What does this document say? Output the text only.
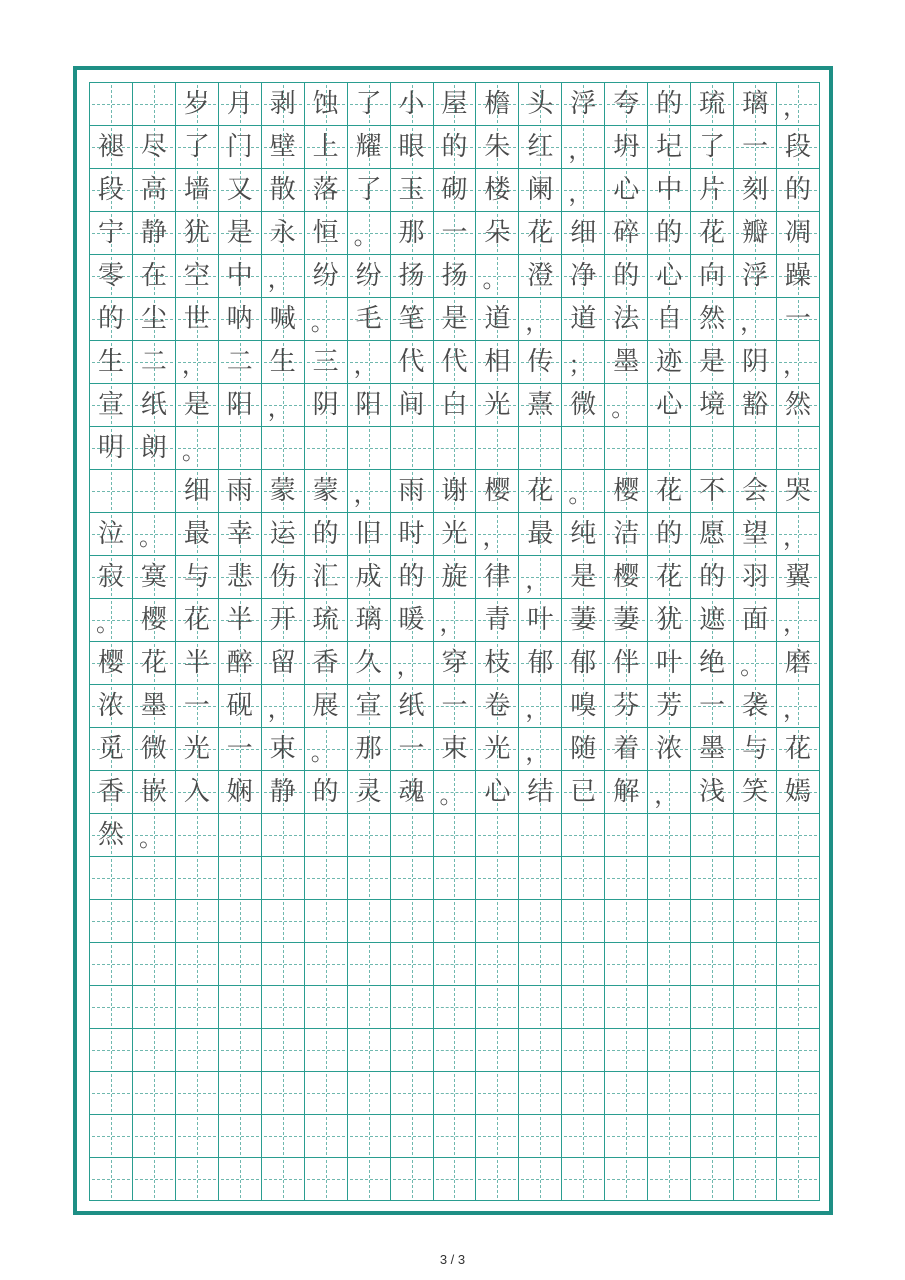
岁 月 剥 蚀 了 小 屋 檐 头 浮 夸 的 琉 璃 ，
褪 尽 了 门 壁 上 耀 眼 的 朱 红 ， 坍 圮 了 一 段
段 高 墙 又 散 落 了 玉 砌 楼 阑 ， 心 中 片 刻 的
宁 静 犹 是 永 恒 。 那 一 朵 花 细 碎 的 花 瓣 凋
零 在 空 中 ， 纷 纷 扬 扬 。 澄 净 的 心 向 浮 躁
的 尘 世 呐 喊 。 毛 笔 是 道 ， 道 法 自 然 ， 一
生 二 ， 二 生 三 ， 代 代 相 传 ； 墨 迹 是 阴 ，
宣 纸 是 阳 ， 阴 阳 间 白 光 熹 微 。 心 境 豁 然
明 朗 。
细 雨 蒙 蒙 ， 雨 谢 樱 花 。 樱 花 不 会 哭
泣 。 最 幸 运 的 旧 时 光 ， 最 纯 洁 的 愿 望 ，
寂 寞 与 悲 伤 汇 成 的 旋 律 ， 是 樱 花 的 羽 翼
。 樱 花 半 开 琉 璃 暖 ， 青 叶 萋 萋 犹 遮 面 ，
樱 花 半 醉 留 香 久 ， 穿 枝 郁 郁 伴 叶 绝 。 磨
浓 墨 一 砚 ， 展 宣 纸 一 卷 ， 嗅 芬 芳 一 袭 ，
觅 微 光 一 束 。 那 一 束 光 ， 随 着 浓 墨 与 花
香 嵌 入 娴 静 的 灵 魂 。 心 结 已 解 ， 浅 笑 嫣
然 。
3 / 3
